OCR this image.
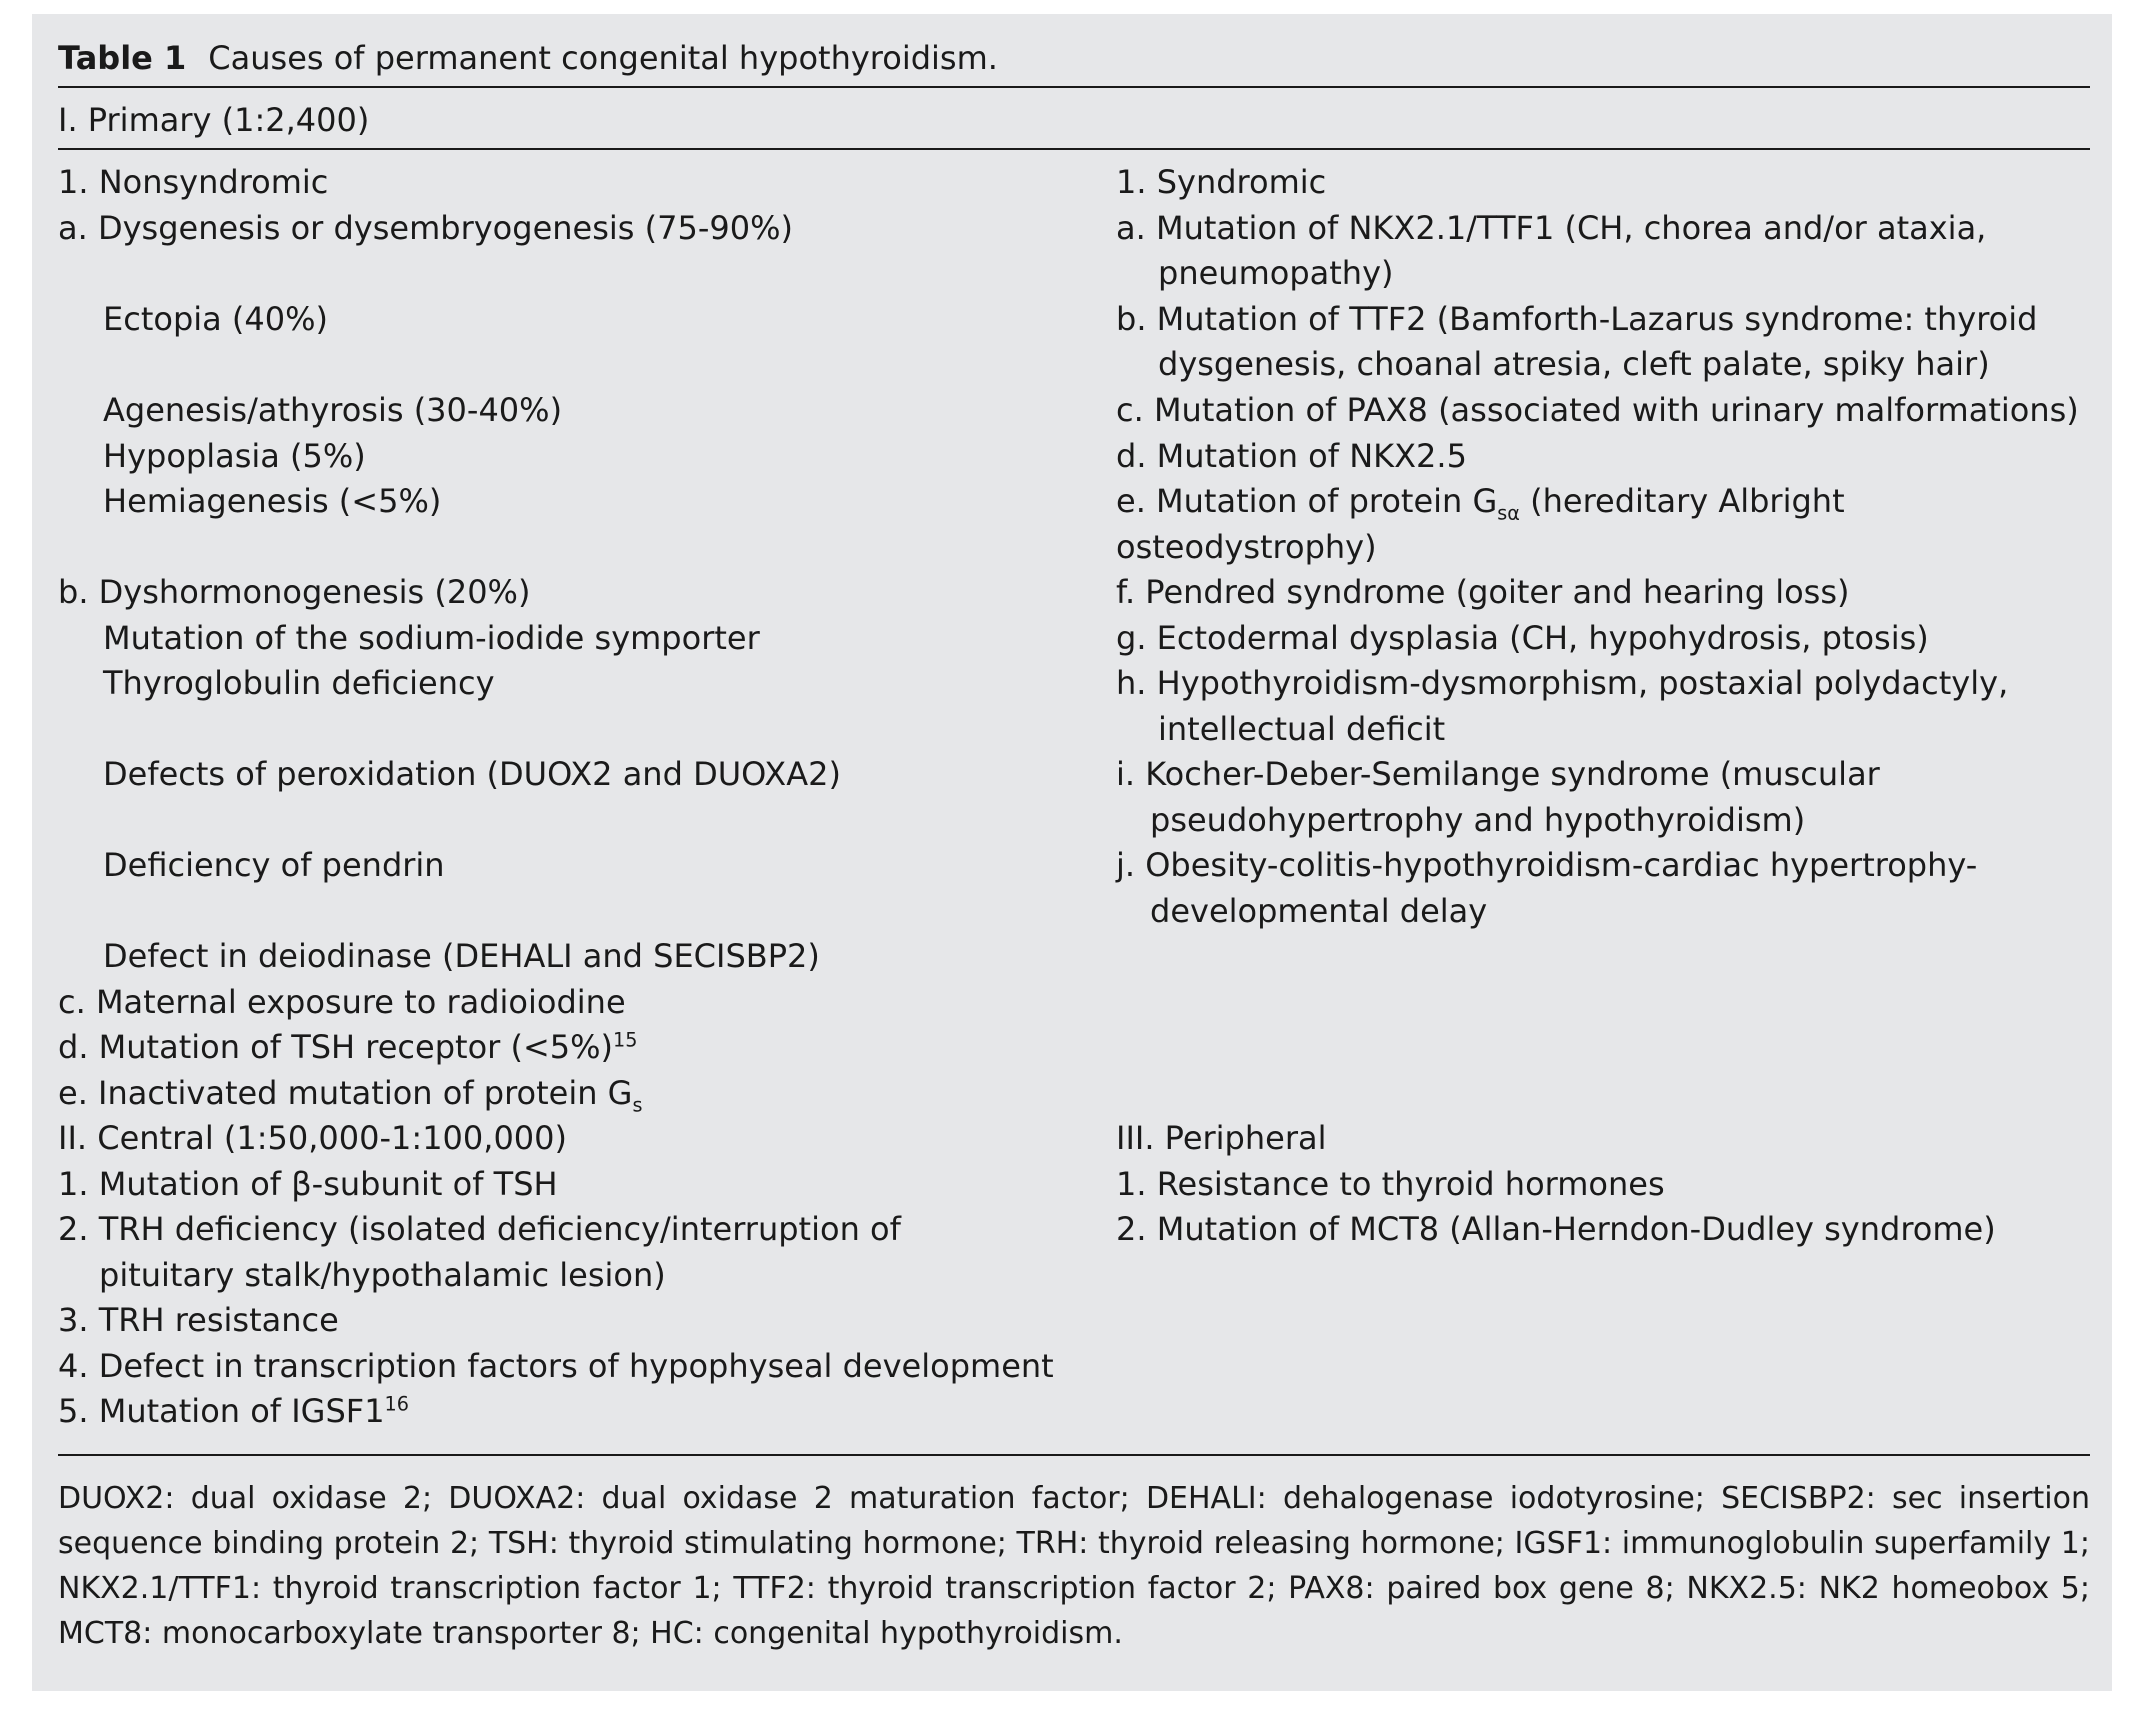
Table 1 Causes of permanent congenital hypothyroidism.
I. Primary (1:2,400)
1. Nonsyndromic
a. Dysgenesis or dysembryogenesis (75-90%)
Ectopia (40%)
Agenesis/athyrosis (30-40%)
Hypoplasia (5%)
Hemiagenesis (<5%)
b. Dyshormonogenesis (20%)
Mutation of the sodium-iodide symporter
Thyroglobulin deficiency
Defects of peroxidation (DUOX2 and DUOXA2)
Deficiency of pendrin
Defect in deiodinase (DEHALI and SECISBP2)
c. Maternal exposure to radioiodine
d. Mutation of TSH receptor (<5%)$^{15}$
e. Inactivated mutation of protein $G_s$
II. Central (1:50,000-1:100,000)
1. Mutation of β-subunit of TSH
2. TRH deficiency (isolated deficiency/interruption of
pituitary stalk/hypothalamic lesion)
3. TRH resistance
4. Defect in transcription factors of hypophyseal development
5. Mutation of $IGSF1^{16}$
1. Syndromic
a. Mutation of NKX2.1/TTF1 (CH, chorea and/or ataxia,
pneumopathy)
b. Mutation of TTF2 (Bamforth-Lazarus syndrome: thyroid
dysgenesis, choanal atresia, cleft palate, spiky hair)
c. Mutation of PAX8 (associated with urinary malformations)
d. Mutation of NKX2.5
e. Mutation of protein $G_{s\alpha}$ (hereditary Albright
osteodystrophy)
f. Pendred syndrome (goiter and hearing loss)
g. Ectodermal dysplasia (CH, hypohydrosis, ptosis)
h. Hypothyroidism-dysmorphism, postaxial polydactyly,
intellectual deficit
i. Kocher-Deber-Semilange syndrome (muscular
pseudohypertrophy and hypothyroidism)
j. Obesity-colitis-hypothyroidism-cardiac hypertrophy-
developmental delay
III. Peripheral
1. Resistance to thyroid hormones
2. Mutation of MCT8 (Allan-Herndon-Dudley syndrome)
DUOX2: dual oxidase 2; DUOXA2: dual oxidase 2 maturation factor; DEHALI: dehalogenase iodotyrosine; SECISBP2: sec insertion sequence binding protein 2; TSH: thyroid stimulating hormone; TRH: thyroid releasing hormone; IGSF1: immunoglobulin superfamily 1; NKX2.1/TTF1: thyroid transcription factor 1; TTF2: thyroid transcription factor 2; PAX8: paired box gene 8; NKX2.5: NK2 homeobox 5; MCT8: monocarboxylate transporter 8; HC: congenital hypothyroidism.
